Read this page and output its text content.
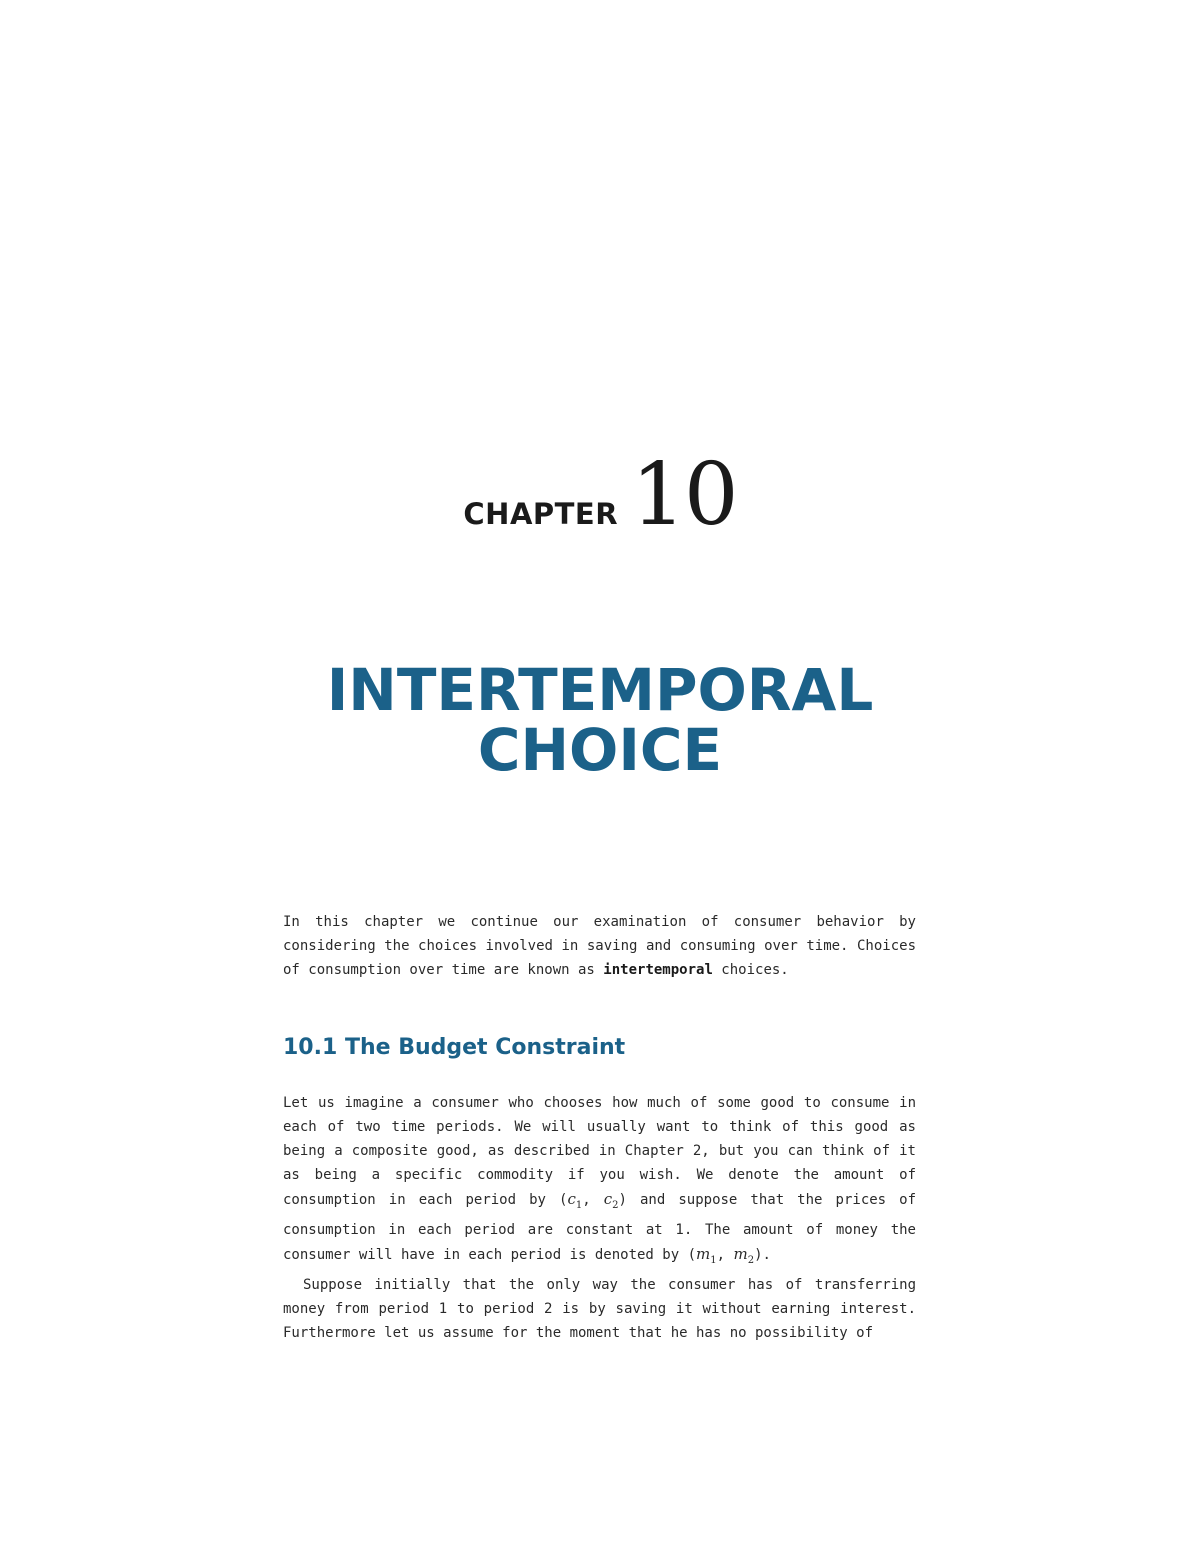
CHAPTER 10
INTERTEMPORAL
CHOICE

In this chapter we continue our examination of consumer behavior by considering the choices involved in saving and consuming over time. Choices of consumption over time are known as intertemporal choices.

10.1 The Budget Constraint

Let us imagine a consumer who chooses how much of some good to consume in each of two time periods. We will usually want to think of this good as being a composite good, as described in Chapter 2, but you can think of it as being a specific commodity if you wish. We denote the amount of consumption in each period by ($c_1$, $c_2$) and suppose that the prices of consumption in each period are constant at 1. The amount of money the consumer will have in each period is denoted by ($m_1$, $m_2$).

Suppose initially that the only way the consumer has of transferring money from period 1 to period 2 is by saving it without earning interest. Furthermore let us assume for the moment that he has no possibility of
